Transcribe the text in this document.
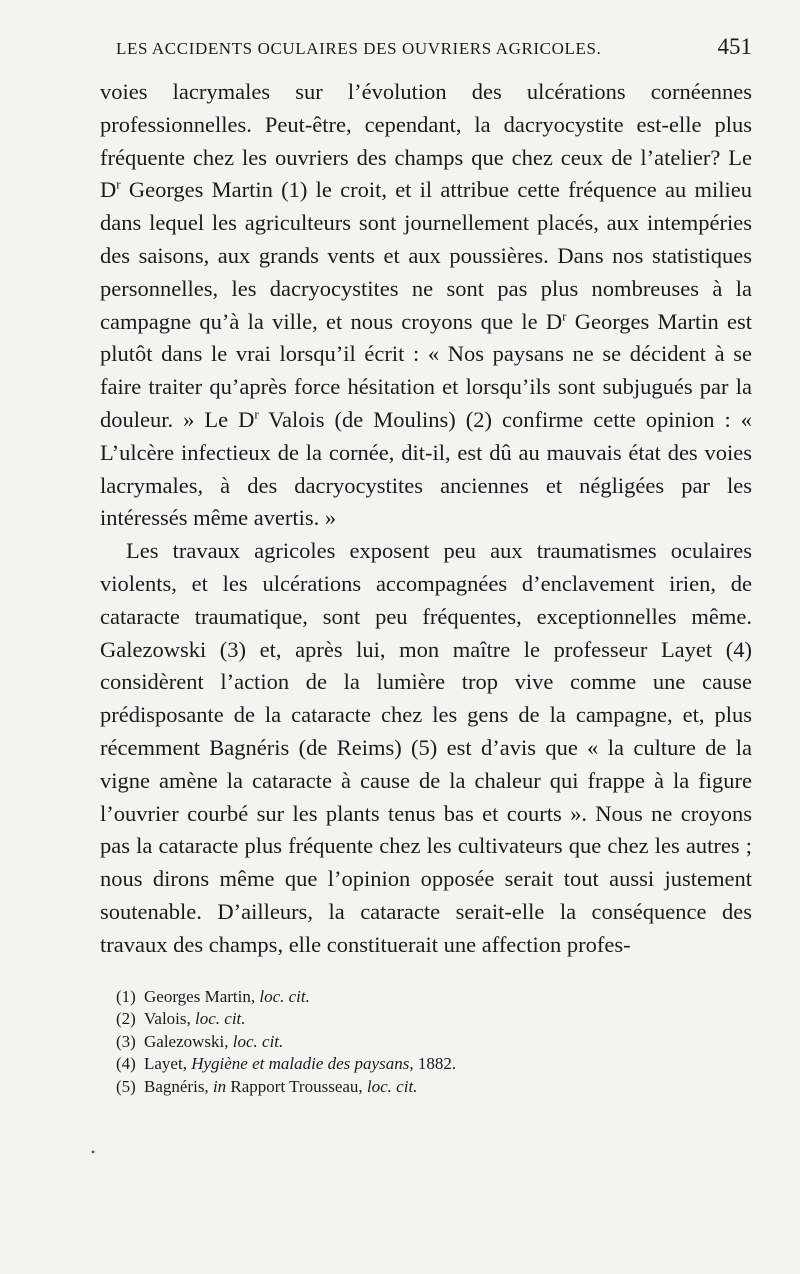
LES ACCIDENTS OCULAIRES DES OUVRIERS AGRICOLES.	451

voies lacrymales sur l’évolution des ulcérations cornéennes professionnelles. Peut-être, cependant, la dacryocystite est-elle plus fréquente chez les ouvriers des champs que chez ceux de l’atelier? Le $D^r$ Georges Martin (1) le croit, et il attribue cette fréquence au milieu dans lequel les agriculteurs sont journellement placés, aux intempéries des saisons, aux grands vents et aux poussières. Dans nos statistiques personnelles, les dacryocystites ne sont pas plus nombreuses à la campagne qu’à la ville, et nous croyons que le $D^r$ Georges Martin est plutôt dans le vrai lorsqu’il écrit : « Nos paysans ne se décident à se faire traiter qu’après force hésitation et lorsqu’ils sont subjugués par la douleur. » Le $D^r$ Valois (de Moulins) (2) confirme cette opinion : « L’ulcère infectieux de la cornée, dit-il, est dû au mauvais état des voies lacrymales, à des dacryocystites anciennes et négligées par les intéressés même avertis. »

Les travaux agricoles exposent peu aux traumatismes oculaires violents, et les ulcérations accompagnées d’enclavement irien, de cataracte traumatique, sont peu fréquentes, exceptionnelles même. Galezowski (3) et, après lui, mon maître le professeur Layet (4) considèrent l’action de la lumière trop vive comme une cause prédisposante de la cataracte chez les gens de la campagne, et, plus récemment Bagnéris (de Reims) (5) est d’avis que « la culture de la vigne amène la cataracte à cause de la chaleur qui frappe à la figure l’ouvrier courbé sur les plants tenus bas et courts ». Nous ne croyons pas la cataracte plus fréquente chez les cultivateurs que chez les autres ; nous dirons même que l’opinion opposée serait tout aussi justement soutenable. D’ailleurs, la cataracte serait-elle la conséquence des travaux des champs, elle constituerait une affection profes-

(1) Georges Martin, loc. cit.
(2) Valois, loc. cit.
(3) Galezowski, loc. cit.
(4) Layet, Hygiène et maladie des paysans, 1882.
(5) Bagnéris, in Rapport Trousseau, loc. cit.
•
